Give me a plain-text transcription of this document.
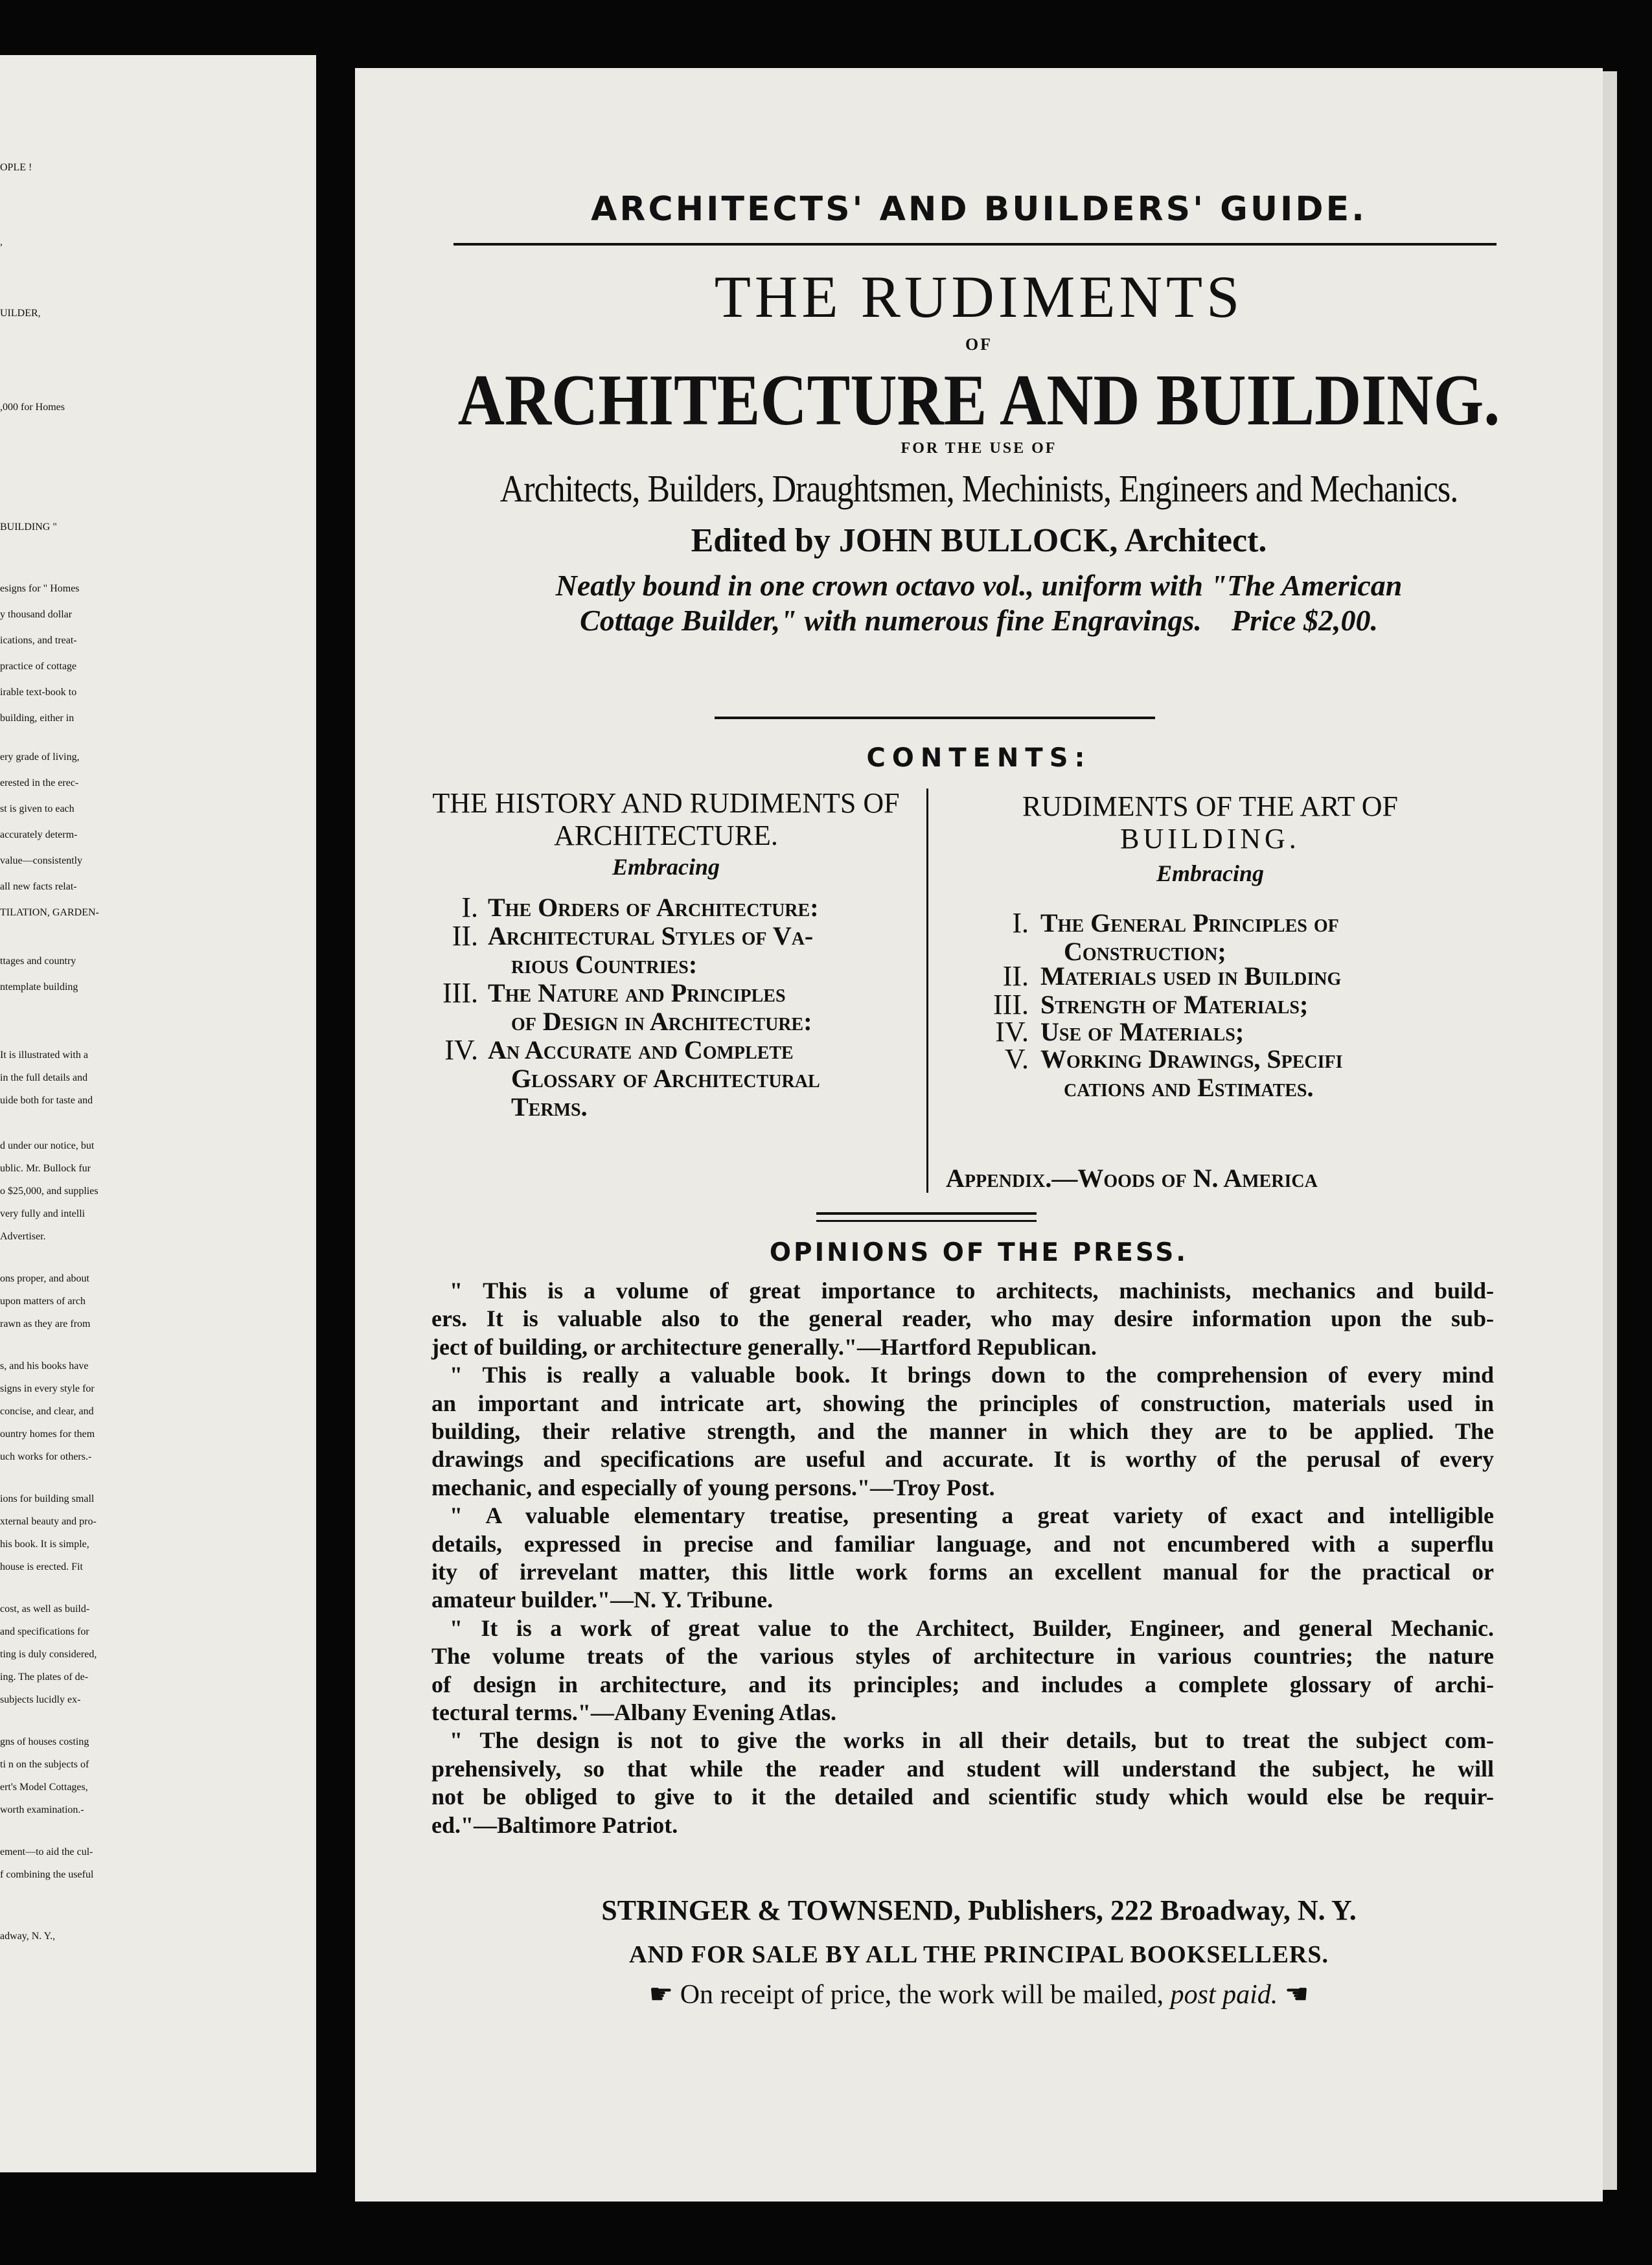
OPLE !
,
UILDER,
,000 for Homes
BUILDING "
esigns for " Homes
y thousand dollar
ications, and treat-
practice of cottage
irable text-book to
building, either in
ery grade of living,
erested in the erec-
st is given to each
accurately determ-
value—consistently
all new facts relat-
TILATION, GARDEN-
ttages and country
ntemplate building
It is illustrated with a
in the full details and
uide both for taste and
d under our notice, but
ublic. Mr. Bullock fur
o $25,000, and supplies
very fully and intelli
Advertiser.
ons proper, and about
upon matters of arch
rawn as they are from
s, and his books have
signs in every style for
concise, and clear, and
ountry homes for them
uch works for others.-
ions for building small
xternal beauty and pro-
his book. It is simple,
house is erected. Fit
cost, as well as build-
and specifications for
ting is duly considered,
ing. The plates of de-
subjects lucidly ex-
gns of houses costing
ti n on the subjects of
ert's Model Cottages,
worth examination.-
ement—to aid the cul-
f combining the useful
adway, N. Y.,
ARCHITECTS' AND BUILDERS' GUIDE.
THE RUDIMENTS
OF
ARCHITECTURE AND BUILDING.
FOR THE USE OF
Architects, Builders, Draughtsmen, Mechinists, Engineers and Mechanics.
Edited by JOHN BULLOCK, Architect.
Neatly bound in one crown octavo vol., uniform with "The American
Cottage Builder," with numerous fine Engravings. Price $2,00.
CONTENTS:
THE HISTORY AND RUDIMENTS OF
ARCHITECTURE.
Embracing
RUDIMENTS OF THE ART OF
BUILDING.
Embracing
I. The Orders of Architecture:
II. Architectural Styles of Va-
rious Countries:
III. The Nature and Principles
of Design in Architecture:
IV. An Accurate and Complete
Glossary of Architectural
Terms.
I. The General Principles of
Construction;
II. Materials used in Building
III. Strength of Materials;
IV. Use of Materials;
V. Working Drawings, Specifi
cations and Estimates.
Appendix.—Woods of N. America
OPINIONS OF THE PRESS.
" This is a volume of great importance to architects, machinists, mechanics and build-
ers. It is valuable also to the general reader, who may desire information upon the sub-
ject of building, or architecture generally."—Hartford Republican.
" This is really a valuable book. It brings down to the comprehension of every mind
an important and intricate art, showing the principles of construction, materials used in
building, their relative strength, and the manner in which they are to be applied. The
drawings and specifications are useful and accurate. It is worthy of the perusal of every
mechanic, and especially of young persons."—Troy Post.
" A valuable elementary treatise, presenting a great variety of exact and intelligible
details, expressed in precise and familiar language, and not encumbered with a superflu
ity of irrevelant matter, this little work forms an excellent manual for the practical or
amateur builder."—N. Y. Tribune.
" It is a work of great value to the Architect, Builder, Engineer, and general Mechanic.
The volume treats of the various styles of architecture in various countries; the nature
of design in architecture, and its principles; and includes a complete glossary of archi-
tectural terms."—Albany Evening Atlas.
" The design is not to give the works in all their details, but to treat the subject com-
prehensively, so that while the reader and student will understand the subject, he will
not be obliged to give to it the detailed and scientific study which would else be requir-
ed."—Baltimore Patriot.
STRINGER & TOWNSEND, Publishers, 222 Broadway, N. Y.
AND FOR SALE BY ALL THE PRINCIPAL BOOKSELLERS.
☛ On receipt of price, the work will be mailed, post paid. ☚
